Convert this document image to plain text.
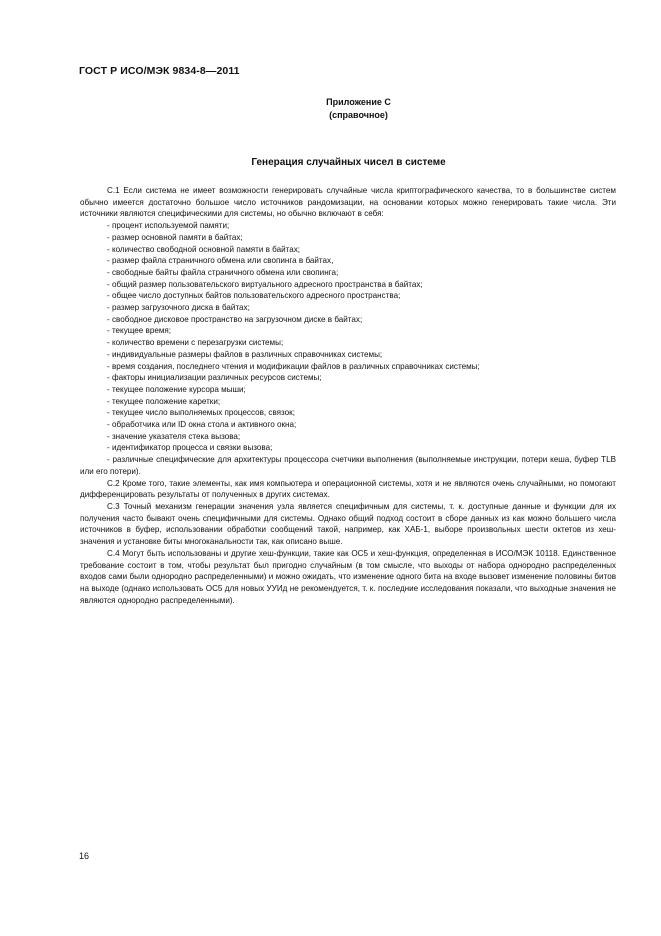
ГОСТ Р ИСО/МЭК 9834-8—2011
Приложение С
(справочное)
Генерация случайных чисел в системе

С.1 Если система не имеет возможности генерировать случайные числа криптографического качества, то в большинстве систем обычно имеется достаточно большое число источников рандомизации, на основании которых можно генерировать такие числа. Эти источники являются специфическими для системы, но обычно включают в себя:

- процент используемой памяти;

- размер основной памяти в байтах;

- количество свободной основной памяти в байтах;

- размер файла страничного обмена или свопинга в байтах,

- свободные байты файла страничного обмена или свопинга;

- общий размер пользовательского виртуального адресного пространства в байтах;

- общее число доступных байтов пользовательского адресного пространства;

- размер загрузочного диска в байтах;

- свободное дисковое пространство на загрузочном диске в байтах;

- текущее время;

- количество времени с перезагрузки системы;

- индивидуальные размеры файлов в различных справочниках системы;

- время создания, последнего чтения и модификации файлов в различных справочниках системы;

- факторы инициализации различных ресурсов системы;

- текущее положение курсора мыши;

- текущее положение каретки;

- текущее число выполняемых процессов, связок;

- обработчика или ID окна стола и активного окна;

- значение указателя стека вызова;

- идентификатор процесса и связки вызова;

- различные специфические для архитектуры процессора счетчики выполнения (выполняемые инструкции, потери кеша, буфер TLB или его потери).

С.2 Кроме того, такие элементы, как имя компьютера и операционной системы, хотя и не являются очень случайными, но помогают дифференцировать результаты от полученных в других системах.

С.3 Точный механизм генерации значения узла является специфичным для системы, т. к. доступные данные и функции для их получения часто бывают очень специфичными для системы. Однако общий подход состоит в сборе данных из как можно большего числа источников в буфер, использовании обработки сообщений такой, например, как ХАБ-1, выборе произвольных шести октетов из хеш-значения и установке биты многоканальности так, как описано выше.

С.4 Могут быть использованы и другие хеш-функции, такие как ОС5 и хеш-функция, определенная в ИСО/МЭК 10118. Единственное требование состоит в том, чтобы результат был пригодно случайным (в том смысле, что выходы от набора однородно распределенных входов сами были однородно распределенными) и можно ожидать, что изменение одного бита на входе вызовет изменение половины битов на выходе (однако использовать ОС5 для новых УУИд не рекомендуется, т. к. последние исследования показали, что выходные значения не являются однородно распределенными).

16
